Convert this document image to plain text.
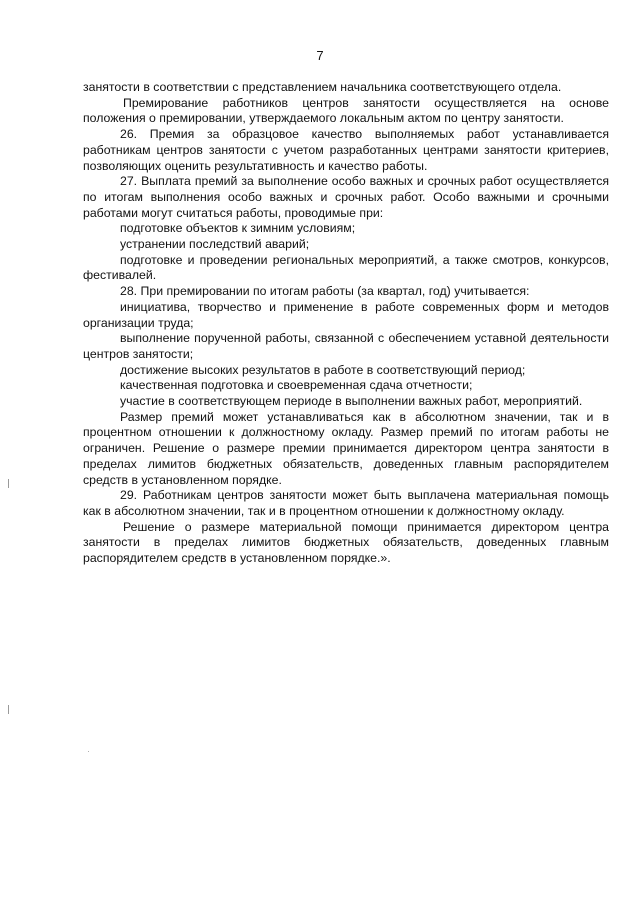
7

занятости в соответствии с представлением начальника соответствующего отдела.

Премирование работников центров занятости осуществляется на основе положения о премировании, утверждаемого локальным актом по центру занятости.

26. Премия за образцовое качество выполняемых работ устанавливается работникам центров занятости с учетом разработанных центрами занятости критериев, позволяющих оценить результативность и качество работы.

27. Выплата премий за выполнение особо важных и срочных работ осуществляется по итогам выполнения особо важных и срочных работ. Особо важными и срочными работами могут считаться работы, проводимые при:

подготовке объектов к зимним условиям;

устранении последствий аварий;

подготовке и проведении региональных мероприятий, а также смотров, конкурсов, фестивалей.

28. При премировании по итогам работы (за квартал, год) учитывается:

инициатива, творчество и применение в работе современных форм и методов организации труда;

выполнение порученной работы, связанной с обеспечением уставной деятельности центров занятости;

достижение высоких результатов в работе в соответствующий период;

качественная подготовка и своевременная сдача отчетности;

участие в соответствующем периоде в выполнении важных работ, мероприятий.

Размер премий может устанавливаться как в абсолютном значении, так и в процентном отношении к должностному окладу. Размер премий по итогам работы не ограничен. Решение о размере премии принимается директором центра занятости в пределах лимитов бюджетных обязательств, доведенных главным распорядителем средств в установленном порядке.

29. Работникам центров занятости может быть выплачена материальная помощь как в абсолютном значении, так и в процентном отношении к должностному окладу.

Решение о размере материальной помощи принимается директором центра занятости в пределах лимитов бюджетных обязательств, доведенных главным распорядителем средств в установленном порядке.».
